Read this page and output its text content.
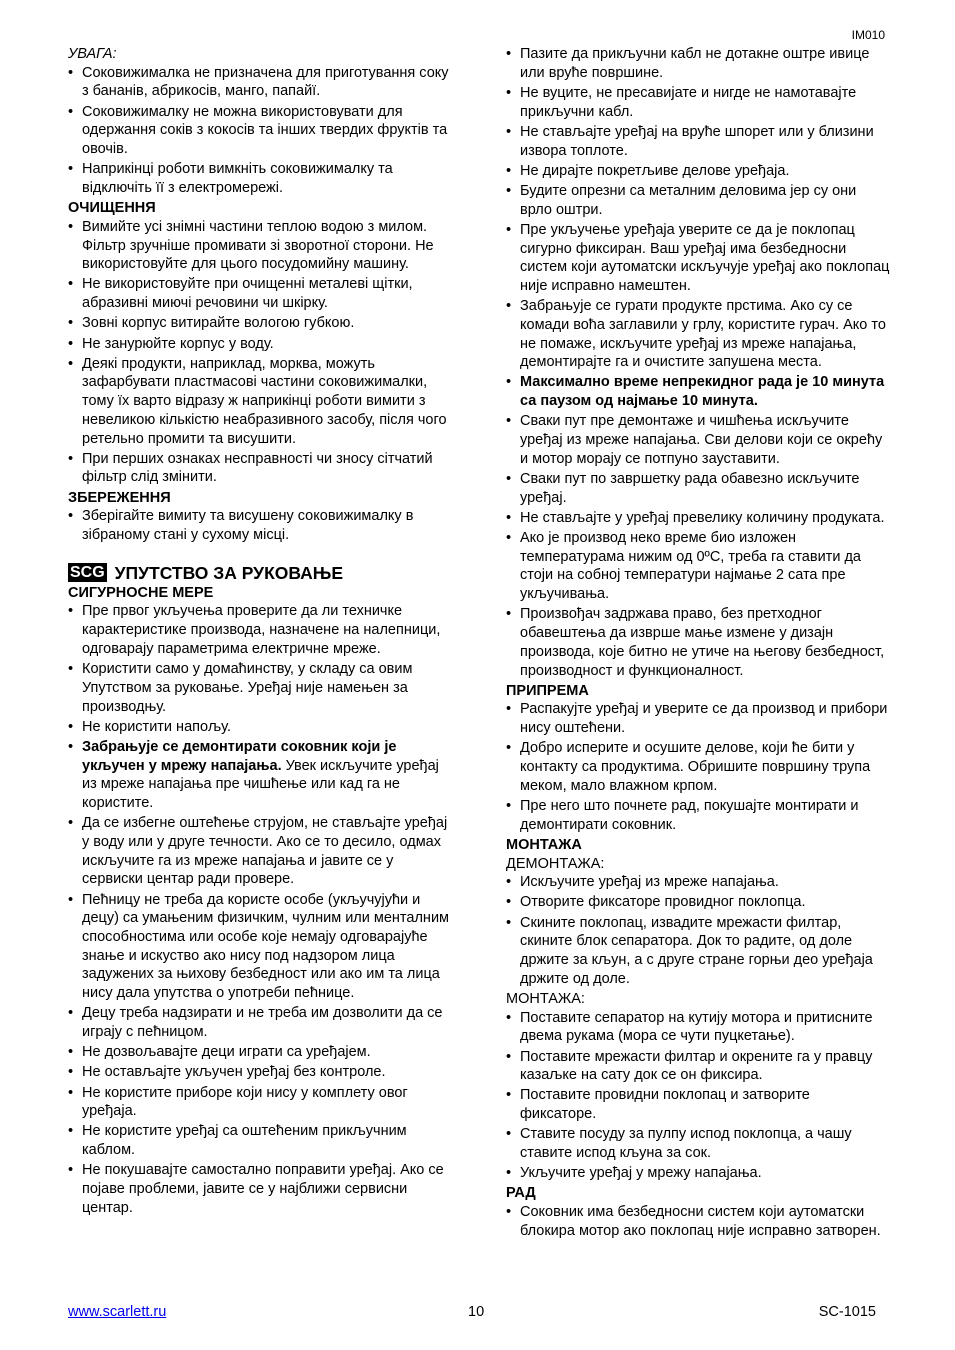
IM010

УВАГА:

• Соковижималка не призначена для приготування соку з бананів, абрикосів, манго, папайї.
• Соковижималку не можна використовувати для одержання соків з кокосів та інших твердих фруктів та овочів.
• Наприкінці роботи вимкніть соковижималку та відключіть її з електромережі.

ОЧИЩЕННЯ

• Вимийте усі знімні частини теплою водою з милом. Фільтр зручніше промивати зі зворотної сторони. Не використовуйте для цього посудомийну машину.
• Не використовуйте при очищенні металеві щітки, абразивні миючі речовини чи шкірку.
• Зовні корпус витирайте вологою губкою.
• Не занурюйте корпус у воду.
• Деякі продукти, наприклад, морква, можуть зафарбувати пластмасові частини соковижималки, тому їх варто відразу ж наприкінці роботи вимити з невеликою кількістю неабразивного засобу, після чого ретельно промити та висушити.
• При перших ознаках несправності чи зносу сітчатий фільтр слід змінити.

ЗБЕРЕЖЕННЯ

• Зберігайте вимиту та висушену соковижималку в зібраному стані у сухому місці.
SCG УПУТСТВО ЗА РУКОВАЊЕ

СИГУРНОСНЕ МЕРЕ

• Пре првог укључења проверите да ли техничке карактеристике производа, назначене на налепници, одговарају параметрима електричне мреже.
• Користити само у домаћинству, у складу са овим Упутством за руковање. Уређај није намењен за производњу.
• Не користити напољу.
• Забрањује се демонтирати соковник који је укључен у мрежу напајања. Увек искључите уређај из мреже напајања пре чишћење или кад га не користите.
• Да се избегне оштећење струјом, не стављајте уређај у воду или у друге течности. Ако се то десило, одмах искључите га из мреже напајања и јавите се у сервиски центар ради провере.
• Пећницу не треба да користе особе (укључујући и децу) са умањеним физичким, чулним или менталним способностима или особе које немају одговарајуће знање и искуство ако нису под надзором лица задужених за њихову безбедност или ако им та лица нису дала упутства о употреби пећнице.
• Децу треба надзирати и не треба им дозволити да се играју с пећницом.
• Не дозвољавајте деци играти са уређајем.
• Не остављајте укључен уређај без контроле.
• Не користите приборе који нису у комплету овог уређаја.
• Не користите уређај са оштећеним прикључним каблом.
• Не покушавајте самостално поправити уређај. Ако се појаве проблеми, јавите се у најближи сервисни центар.
• Пазите да прикључни кабл не дотакне оштре ивице или вруће површине.
• Не вуците, не пресавијате и нигде не намотавајте прикључни кабл.
• Не стављајте уређај на вруће шпорет или у близини извора топлоте.
• Не дирајте покретљиве делове уређаја.
• Будите опрезни са металним деловима јер су они врло оштри.
• Пре укључење уређаја уверите се да је поклопац сигурно фиксиран. Ваш уређај има безбедносни систем који аутоматски искључује уређај ако поклопац није исправно намештен.
• Забрањује се гурати продукте прстима. Ако су се комади воћа заглавили у грлу, користите гурач. Ако то не помаже, искључите уређај из мреже напајања, демонтирајте га и очистите запушена места.
• Максимално време непрекидног рада је 10 минута са паузом од најмање 10 минута.
• Сваки пут пре демонтаже и чишћења искључите уређај из мреже напајања. Сви делови који се окрећу и мотор морају се потпуно зауставити.
• Сваки пут по завршетку рада обавезно искључите уређај.
• Не стављајте у уређај превелику количину продуката.
• Ако је производ неко време био изложен температурама нижим од 0ºC, треба га ставити да стоји на собној температури најмање 2 сата пре укључивања.
• Произвођач задржава право, без претходног обавештења да изврше мање измене у дизајн производа, које битно не утиче на његову безбедност, производност и функционалност.

ПРИПРЕМА

• Распакујте уређај и уверите се да производ и прибори нису оштећени.
• Добро исперите и осушите делове, који ће бити у контакту са продуктима. Обришите површину трупа меком, мало влажном крпом.
• Пре него што почнете рад, покушајте монтирати и демонтирати соковник.

МОНТАЖА

ДЕМОНТАЖА:

• Искључите уређај из мреже напајања.
• Отворите фиксаторе провидног поклопца.
• Скините поклопац, извадите мрежасти филтар, скините блок сепаратора. Док то радите, од доле држите за кљун, а с друге стране горњи део уређаја држите од доле.

МОНТАЖА:

• Поставите сепаратор на кутију мотора и притисните двема рукама (мора се чути пуцкетање).
• Поставите мрежасти филтар и окрените га у правцу казаљке на сату док се он фиксира.
• Поставите провидни поклопац и затворите фиксаторе.
• Ставите посуду за пулпу испод поклопца, а чашу ставите испод кљуна за сок.
• Укључите уређај у мрежу напајања.

РАД

• Соковник има безбедносни систем који аутоматски блокира мотор ако поклопац није исправно затворен.
www.scarlett.ru	10	SC-1015
